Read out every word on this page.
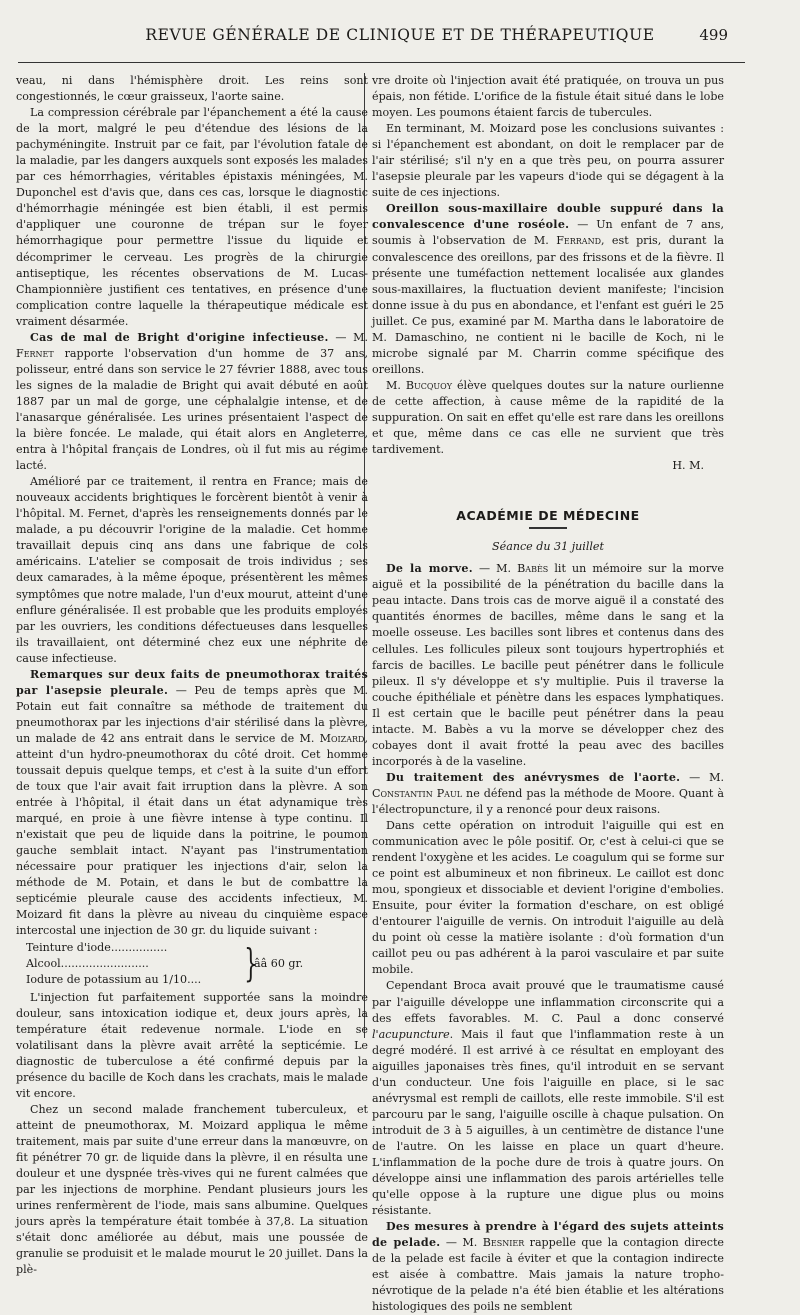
REVUE GÉNÉRALE DE CLINIQUE ET DE THÉRAPEUTIQUE	499

veau, ni dans l'hémisphère droit. Les reins sont congestionnés, le cœur graisseux, l'aorte saine.

La compression cérébrale par l'épanchement a été la cause de la mort, malgré le peu d'étendue des lésions de la pachyméningite. Instruit par ce fait, par l'évolution fatale de la maladie, par les dangers auxquels sont exposés les malades par ces hémorrhagies, véritables épistaxis méningées, M. Duponchel est d'avis que, dans ces cas, lorsque le diagnostic d'hémorrhagie méningée est bien établi, il est permis d'appliquer une couronne de trépan sur le foyer hémorrhagique pour permettre l'issue du liquide et décomprimer le cerveau. Les progrès de la chirurgie antiseptique, les récentes observations de M. Lucas-Championnière justifient ces tentatives, en présence d'une complication contre laquelle la thérapeutique médicale est vraiment désarmée.

Cas de mal de Bright d'origine infectieuse. — M. Fernet rapporte l'observation d'un homme de 37 ans, polisseur, entré dans son service le 27 février 1888, avec tous les signes de la maladie de Bright qui avait débuté en août 1887 par un mal de gorge, une céphalalgie intense, et de l'anasarque généralisée. Les urines présentaient l'aspect de la bière foncée. Le malade, qui était alors en Angleterre, entra à l'hôpital français de Londres, où il fut mis au régime lacté.

Amélioré par ce traitement, il rentra en France; mais de nouveaux accidents brightiques le forcèrent bientôt à venir à l'hôpital. M. Fernet, d'après les renseignements donnés par le malade, a pu découvrir l'origine de la maladie. Cet homme travaillait depuis cinq ans dans une fabrique de cols américains. L'atelier se composait de trois individus ; ses deux camarades, à la même époque, présentèrent les mêmes symptômes que notre malade, l'un d'eux mourut, atteint d'une enflure généralisée. Il est probable que les produits employés par les ouvriers, les conditions défectueuses dans lesquelles ils travaillaient, ont déterminé chez eux une néphrite de cause infectieuse.

Remarques sur deux faits de pneumothorax traités par l'asepsie pleurale. — Peu de temps après que M. Potain eut fait connaître sa méthode de traitement du pneumothorax par les injections d'air stérilisé dans la plèvre, un malade de 42 ans entrait dans le service de M. Moizard, atteint d'un hydro-pneumothorax du côté droit. Cet homme toussait depuis quelque temps, et c'est à la suite d'un effort de toux que l'air avait fait irruption dans la plèvre. A son entrée à l'hôpital, il était dans un état adynamique très marqué, en proie à une fièvre intense à type continu. Il n'existait que peu de liquide dans la poitrine, le poumon gauche semblait intact. N'ayant pas l'instrumentation nécessaire pour pratiquer les injections d'air, selon la méthode de M. Potain, et dans le but de combattre la septicémie pleurale cause des accidents infectieux, M. Moizard fit dans la plèvre au niveau du cinquième espace intercostal une injection de 30 gr. du liquide suivant :

Teinture d'iode................
Alcool.........................
Iodure de potassium au 1/10....	}
ââ 60 gr.

L'injection fut parfaitement supportée sans la moindre douleur, sans intoxication iodique et, deux jours après, la température était redevenue normale. L'iode en se volatilisant dans la plèvre avait arrêté la septicémie. Le diagnostic de tuberculose a été confirmé depuis par la présence du bacille de Koch dans les crachats, mais le malade vit encore.

Chez un second malade franchement tuberculeux, et atteint de pneumothorax, M. Moizard appliqua le même traitement, mais par suite d'une erreur dans la manœuvre, on fit pénétrer 70 gr. de liquide dans la plèvre, il en résulta une douleur et une dyspnée très-vives qui ne furent calmées que par les injections de morphine. Pendant plusieurs jours les urines renfermèrent de l'iode, mais sans albumine. Quelques jours après la température était tombée à 37,8. La situation s'était donc améliorée au début, mais une poussée de granulie se produisit et le malade mourut le 20 juillet. Dans la plè-

vre droite où l'injection avait été pratiquée, on trouva un pus épais, non fétide. L'orifice de la fistule était situé dans le lobe moyen. Les poumons étaient farcis de tubercules.

En terminant, M. Moizard pose les conclusions suivantes : si l'épanchement est abondant, on doit le remplacer par de l'air stérilisé; s'il n'y en a que très peu, on pourra assurer l'asepsie pleurale par les vapeurs d'iode qui se dégagent à la suite de ces injections.

Oreillon sous-maxillaire double suppuré dans la convalescence d'une roséole. — Un enfant de 7 ans, soumis à l'observation de M. Ferrand, est pris, durant la convalescence des oreillons, par des frissons et de la fièvre. Il présente une tuméfaction nettement localisée aux glandes sous-maxillaires, la fluctuation devient manifeste; l'incision donne issue à du pus en abondance, et l'enfant est guéri le 25 juillet. Ce pus, examiné par M. Martha dans le laboratoire de M. Damaschino, ne contient ni le bacille de Koch, ni le microbe signalé par M. Charrin comme spécifique des oreillons.

M. Bucquoy élève quelques doutes sur la nature ourlienne de cette affection, à cause même de la rapidité de la suppuration. On sait en effet qu'elle est rare dans les oreillons et que, même dans ce cas elle ne survient que très tardivement.
H. M.

ACADÉMIE DE MÉDECINE
Séance du 31 juillet

De la morve. — M. Babès lit un mémoire sur la morve aiguë et la possibilité de la pénétration du bacille dans la peau intacte. Dans trois cas de morve aiguë il a constaté des quantités énormes de bacilles, même dans le sang et la moelle osseuse. Les bacilles sont libres et contenus dans des cellules. Les follicules pileux sont toujours hypertrophiés et farcis de bacilles. Le bacille peut pénétrer dans le follicule pileux. Il s'y développe et s'y multiplie. Puis il traverse la couche épithéliale et pénètre dans les espaces lymphatiques. Il est certain que le bacille peut pénétrer dans la peau intacte. M. Babès a vu la morve se développer chez des cobayes dont il avait frotté la peau avec des bacilles incorporés à de la vaseline.

Du traitement des anévrysmes de l'aorte. — M. Constantin Paul ne défend pas la méthode de Moore. Quant à l'électropuncture, il y a renoncé pour deux raisons.

Dans cette opération on introduit l'aiguille qui est en communication avec le pôle positif. Or, c'est à celui-ci que se rendent l'oxygène et les acides. Le coagulum qui se forme sur ce point est albumineux et non fibrineux. Le caillot est donc mou, spongieux et dissociable et devient l'origine d'embolies. Ensuite, pour éviter la formation d'eschare, on est obligé d'entourer l'aiguille de vernis. On introduit l'aiguille au delà du point où cesse la matière isolante : d'où formation d'un caillot peu ou pas adhérent à la paroi vasculaire et par suite mobile.

Cependant Broca avait prouvé que le traumatisme causé par l'aiguille développe une inflammation circonscrite qui a des effets favorables. M. C. Paul a donc conservé l'acupuncture. Mais il faut que l'inflammation reste à un degré modéré. Il est arrivé à ce résultat en employant des aiguilles japonaises très fines, qu'il introduit en se servant d'un conducteur. Une fois l'aiguille en place, si le sac anévrysmal est rempli de caillots, elle reste immobile. S'il est parcouru par le sang, l'aiguille oscille à chaque pulsation. On introduit de 3 à 5 aiguilles, à un centimètre de distance l'une de l'autre. On les laisse en place un quart d'heure. L'inflammation de la poche dure de trois à quatre jours. On développe ainsi une inflammation des parois artérielles telle qu'elle oppose à la rupture une digue plus ou moins résistante.

Des mesures à prendre à l'égard des sujets atteints de pelade. — M. Besnier rappelle que la contagion directe de la pelade est facile à éviter et que la contagion indirecte est aisée à combattre. Mais jamais la nature tropho-névrotique de la pelade n'a été bien établie et les altérations histologiques des poils ne semblent
